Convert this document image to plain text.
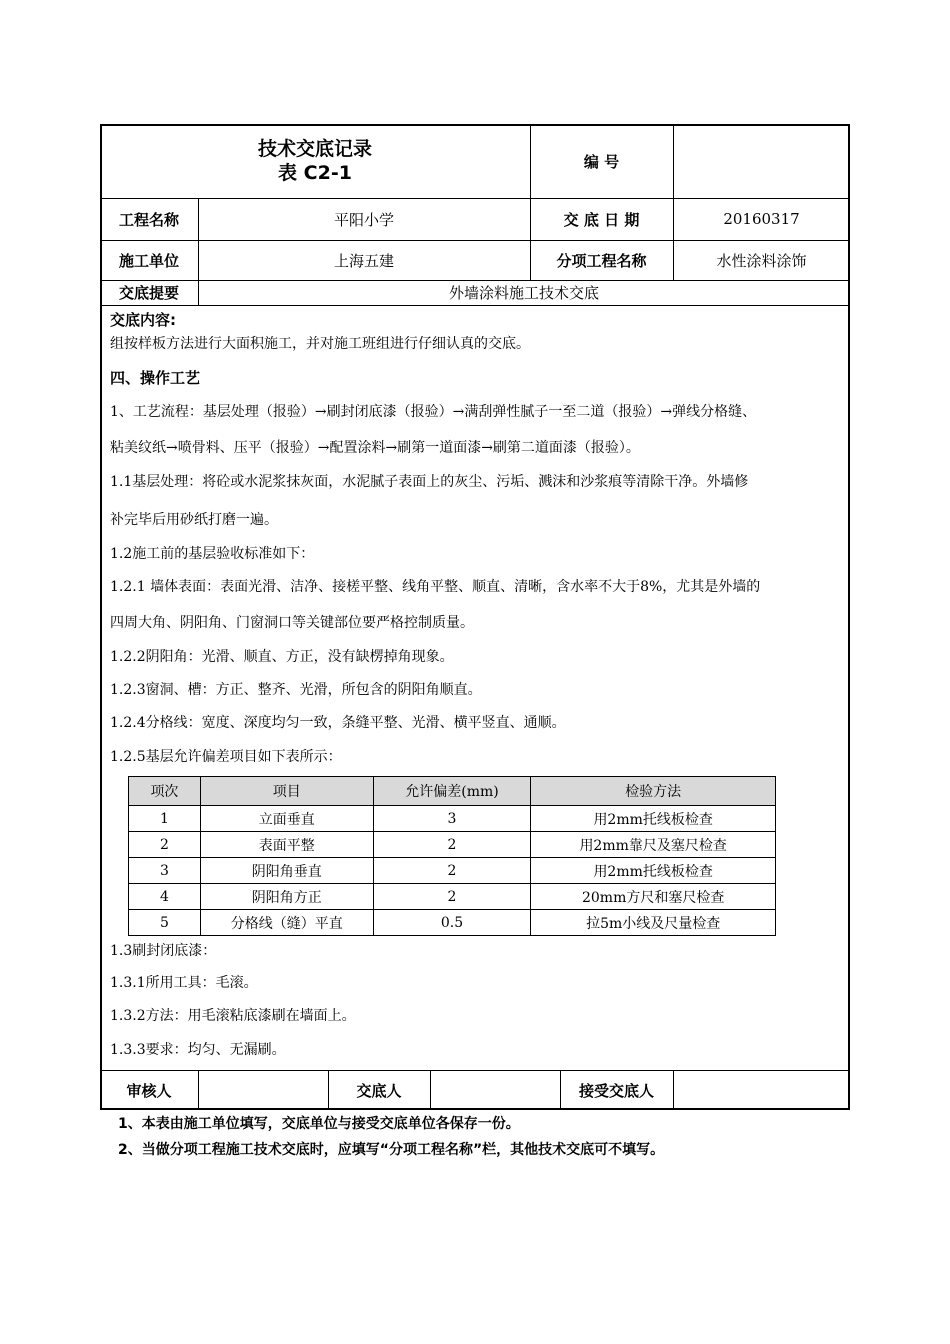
技术交底记录
表 C2-1
编 号
工程名称	平阳小学	交 底 日 期	20160317
施工单位	上海五建	分项工程名称	水性涂料涂饰
交底提要	外墙涂料施工技术交底
交底内容:
组按样板方法进行大面积施工，并对施工班组进行仔细认真的交底。
四、操作工艺
1、工艺流程：基层处理（报验）→刷封闭底漆（报验）→满刮弹性腻子一至二道（报验）→弹线分格缝、
粘美纹纸→喷骨料、压平（报验）→配置涂料→刷第一道面漆→刷第二道面漆（报验）。
1.1基层处理：将砼或水泥浆抹灰面，水泥腻子表面上的灰尘、污垢、溅沫和沙浆痕等清除干净。外墙修
补完毕后用砂纸打磨一遍。
1.2施工前的基层验收标准如下：
1.2.1 墙体表面：表面光滑、洁净、接槎平整、线角平整、顺直、清晰，含水率不大于8%，尤其是外墙的
四周大角、阴阳角、门窗洞口等关键部位要严格控制质量。
1.2.2阴阳角：光滑、顺直、方正，没有缺楞掉角现象。
1.2.3窗洞、槽：方正、整齐、光滑，所包含的阴阳角顺直。
1.2.4分格线：宽度、深度均匀一致，条缝平整、光滑、横平竖直、通顺。
1.2.5基层允许偏差项目如下表所示：
项次	项目	允许偏差(mm)	检验方法
1	立面垂直	3	用2mm托线板检查
2	表面平整	2	用2mm靠尺及塞尺检查
3	阴阳角垂直	2	用2mm托线板检查
4	阴阳角方正	2	20mm方尺和塞尺检查
5	分格线（缝）平直	0.5	拉5m小线及尺量检查
1.3刷封闭底漆：
1.3.1所用工具：毛滚。
1.3.2方法：用毛滚粘底漆刷在墙面上。
1.3.3要求：均匀、无漏刷。
审核人	交底人	接受交底人
1、本表由施工单位填写，交底单位与接受交底单位各保存一份。
2、当做分项工程施工技术交底时，应填写“分项工程名称”栏，其他技术交底可不填写。
